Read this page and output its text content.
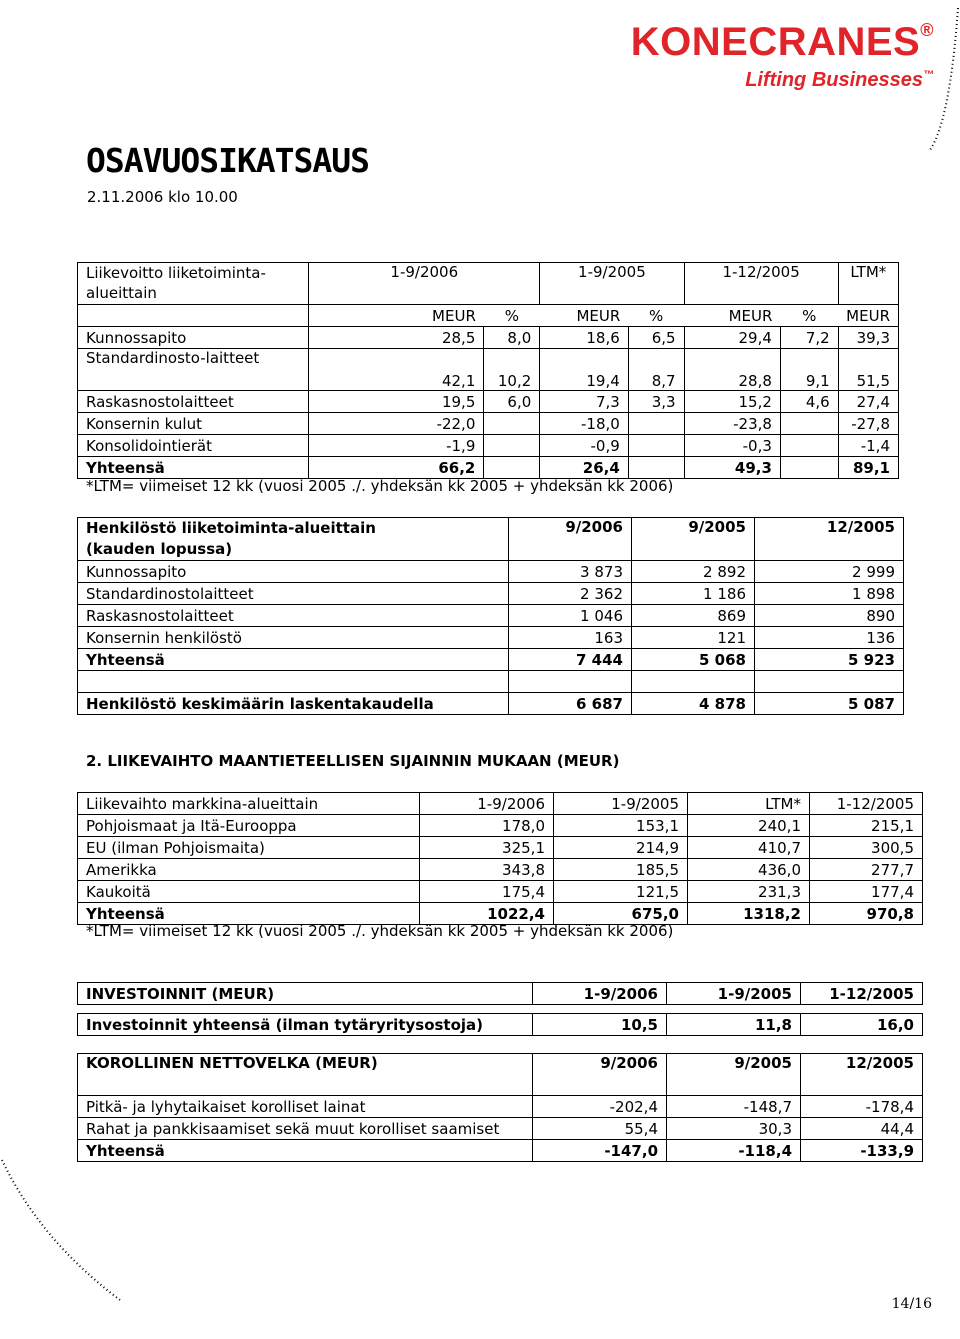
KONECRANES®
Lifting Businesses™
OSAVUOSIKATSAUS
2.11.2006 klo 10.00
Liikevoitto liiketoiminta-alueittain	1-9/2006		1-9/2005		1-12/2005		LTM*
	MEUR	%	MEUR	%	MEUR	%	MEUR
Kunnossapito	28,5	8,0	18,6	6,5	29,4	7,2	39,3
Standardinosto-laitteet	42,1	10,2	19,4	8,7	28,8	9,1	51,5
Raskasnostolaitteet	19,5	6,0	7,3	3,3	15,2	4,6	27,4
Konsernin kulut	-22,0		-18,0		-23,8		-27,8
Konsolidointierät	-1,9		-0,9		-0,3		-1,4
Yhteensä	66,2		26,4		49,3		89,1
*LTM= viimeiset 12 kk (vuosi 2005 ./. yhdeksän kk 2005 + yhdeksän kk 2006)
Henkilöstö liiketoiminta-alueittain
(kauden lopussa)	9/2006	9/2005	12/2005
Kunnossapito	3 873	2 892	2 999
Standardinostolaitteet	2 362	1 186	1 898
Raskasnostolaitteet	1 046	869	890
Konsernin henkilöstö	163	121	136
Yhteensä	7 444	5 068	5 923

Henkilöstö keskimäärin laskentakaudella	6 687	4 878	5 087
2. LIIKEVAIHTO MAANTIETEELLISEN SIJAINNIN MUKAAN (MEUR)
Liikevaihto markkina-alueittain	1-9/2006	1-9/2005	LTM*	1-12/2005
Pohjoismaat ja Itä-Eurooppa	178,0	153,1	240,1	215,1
EU (ilman Pohjoismaita)	325,1	214,9	410,7	300,5
Amerikka	343,8	185,5	436,0	277,7
Kaukoitä	175,4	121,5	231,3	177,4
Yhteensä	1022,4	675,0	1318,2	970,8
*LTM= viimeiset 12 kk (vuosi 2005 ./. yhdeksän kk 2005 + yhdeksän kk 2006)
INVESTOINNIT (MEUR)	1-9/2006	1-9/2005	1-12/2005

Investoinnit yhteensä (ilman tytäryritysostoja)	10,5	11,8	16,0
KOROLLINEN NETTOVELKA (MEUR)	9/2006	9/2005	12/2005
Pitkä- ja lyhytaikaiset korolliset lainat	-202,4	-148,7	-178,4
Rahat ja pankkisaamiset sekä muut korolliset saamiset	55,4	30,3	44,4
Yhteensä	-147,0	-118,4	-133,9
14/16
